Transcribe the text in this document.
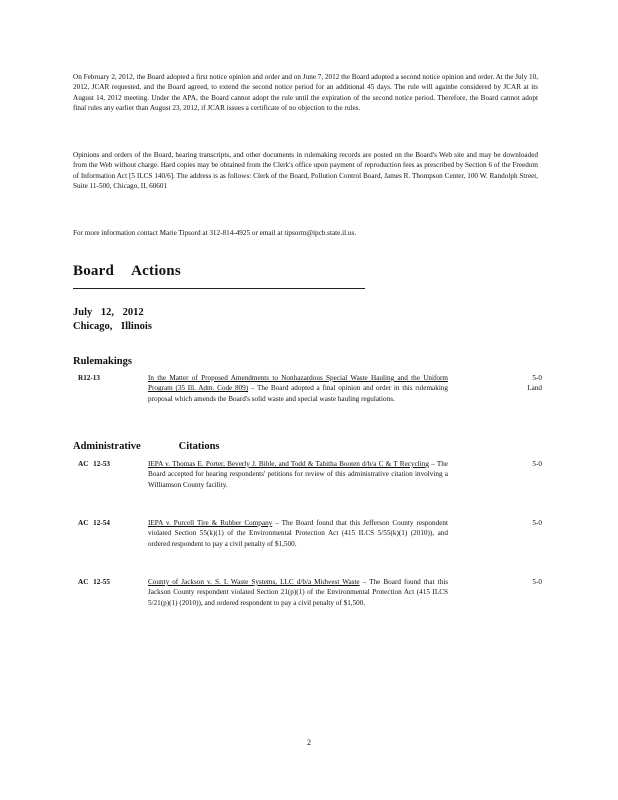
On February 2, 2012, the Board adopted a first notice opinion and order and on June 7, 2012 the Board adopted a second notice opinion and order. At the July 10, 2012, JCAR requested, and the Board agreed, to extend the second notice period for an additional 45 days. The rule will againbe considered by JCAR at its August 14, 2012 meeting. Under the APA, the Board cannot adopt the rule until the expiration of the second notice period. Therefore, the Board cannot adopt final rules any earlier than August 23, 2012, if JCAR issues a certificate of no objection to the rules.

Opinions and orders of the Board, hearing transcripts, and other documents in rulemaking records are posted on the Board's Web site and may be downloaded from the Web without charge. Hard copies may be obtained from the Clerk's office upon payment of reproduction fees as prescribed by Section 6 of the Freedom of Information Act [5 ILCS 140/6]. The address is as follows: Clerk of the Board, Pollution Control Board, James R. Thompson Center, 100 W. Randolph Street, Suite 11-500, Chicago, IL 60601

For more information contact Marie Tipsord at 312-814-4925 or email at tipsorm@ipcb.state.il.us.

Board Actions
July 12, 2012
Chicago, Illinois
Rulemakings
R12-13	In the Matter of Proposed Amendments to Nonhazardous Special Waste Hauling and the Uniform Program (35 Ill. Adm. Code 809) – The Board adopted a final opinion and order in this rulemaking proposal which amends the Board's solid waste and special waste hauling regulations.
5-0
Land
Administrative	Citations
AC 12-53	IEPA v. Thomas E. Porter, Beverly J. Bible, and Todd & Tabitha Booten d/b/a C & T Recycling – The Board accepted for hearing respondents' petitions for review of this administrative citation involving a Williamson County facility.
5-0
AC 12-54	IEPA v. Purcell Tire & Rubber Company – The Board found that this Jefferson County respondent violated Section 55(k)(1) of the Environmental Protection Act (415 ILCS 5/55(k)(1) (2010)), and ordered respondent to pay a civil penalty of $1,500.
5-0
AC 12-55	County of Jackson v. S. I. Waste Systems, LLC d/b/a Midwest Waste – The Board found that this Jackson County respondent violated Section 21(p)(1) of the Environmental Protection Act (415 ILCS 5/21(p)(1) (2010)), and ordered respondent to pay a civil penalty of $1,500.
5-0
2
